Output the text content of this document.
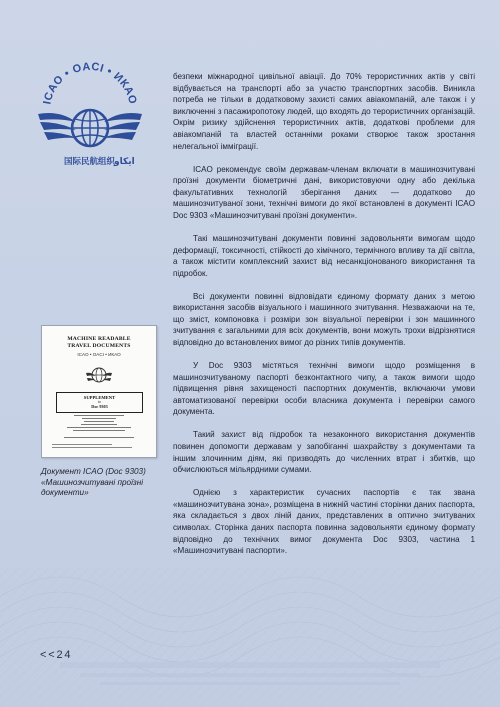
ICAO • OACI • ИКАО
国际民航组织
ايكاو

безпеки міжнародної цивільної авіації. До 70% терористичних актів у світі відбувається на транспорті або за участю транспортних засобів. Виникла потреба не тільки в додатковому захисті самих авіакомпаній, але також і у виключенні з пасажиропотоку людей, що входять до терористичних організацій. Окрім ризику здійснення терористичних актів, додаткові проблеми для авіакомпаній та властей останніми роками створює також зростання нелегальної імміграції.

ICAO рекомендує своїм державам-членам включати в машинозчитувані проїзні документи біометричні дані, використовуючи одну або декілька факультативних технологій зберігання даних — додатково до машинозчитуваної зони, технічні вимоги до якої встановлені в документі ICAO Doc 9303 «Машинозчитувані проїзні документи».

Такі машинозчитувані документи повинні задовольняти вимогам щодо деформації, токсичності, стійкості до хімічного, термічного впливу та дії світла, а також містити комплексний захист від несанкціонованого використання та підробок.

Всі документи повинні відповідати єдиному формату даних з метою використання засобів візуального і машинного зчитування. Незважаючи на те, що зміст, компоновка і розміри зон візуальної перевірки і зон машинного зчитування є загальними для всіх документів, вони можуть трохи відрізнятися відповідно до встановлених вимог до різних типів документів.

У Doc 9303 містяться технічні вимоги щодо розміщення в машинозчитуваному паспорті безконтактного чипу, а також вимоги щодо підвищення рівня захищеності паспортних документів, включаючи умови автоматизованої перевірки особи власника документа і перевірки самого документа.

Такий захист від підробок та незаконного використання документів повинен допомогти державам у запобіганні шахрайству з документами та іншим злочинним діям, які призводять до численних втрат і збитків, що обчислюються мільярдними сумами.

Однією з характеристик сучасних паспортів є так звана «машинозчитувана зона», розміщена в нижній частині сторінки даних паспорта, яка складається з двох ліній даних, представлених в оптично зчитуваних символах. Сторінка даних паспорта повинна задовольняти єдиному формату відповідно до технічних вимог документа Doc 9303, частина 1 «Машинозчитувані паспорти».

MACHINE READABLE
TRAVEL DOCUMENTS
ICAO • OACI • ИКАО
SUPPLEMENT
to
Doc 9303
Документ ICAO (Doc 9303) «Машинозчитувані проїзні документи»
<<24
